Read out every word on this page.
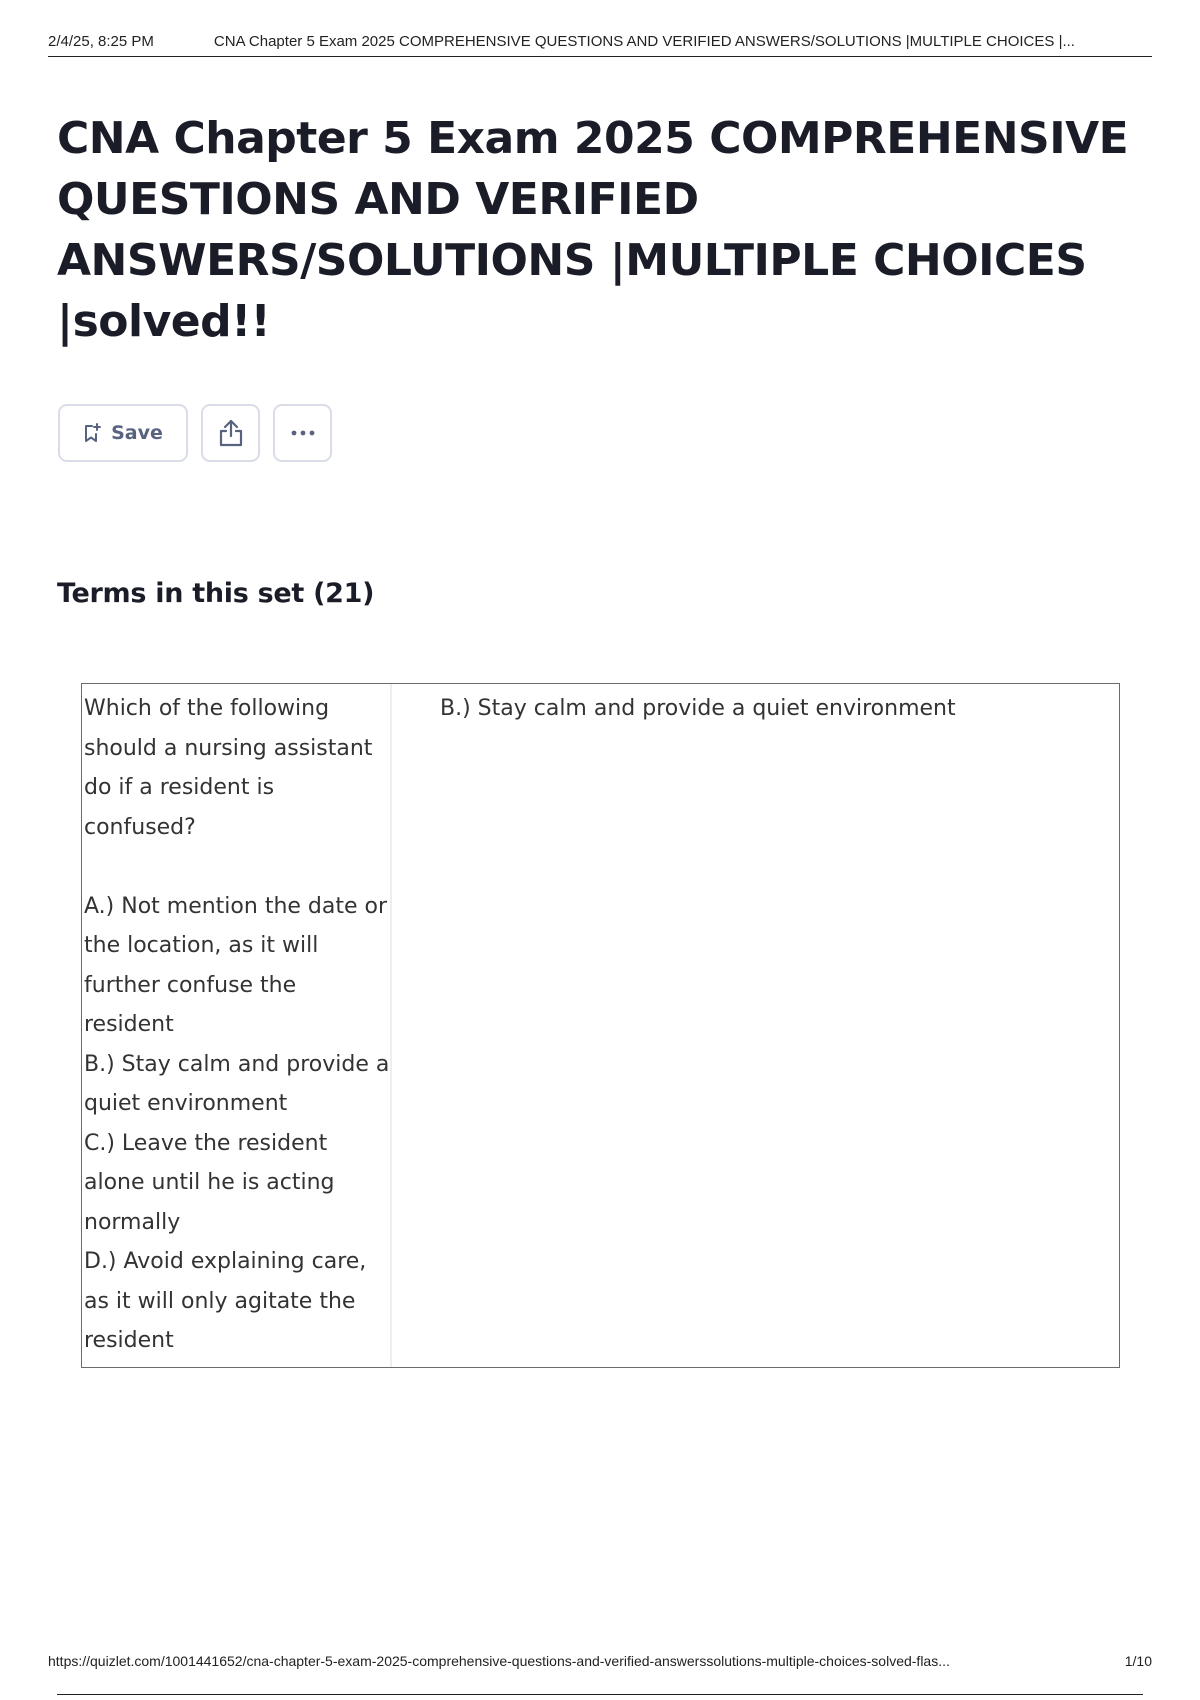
2/4/25, 8:25 PM	CNA Chapter 5 Exam 2025 COMPREHENSIVE QUESTIONS AND VERIFIED ANSWERS/SOLUTIONS |MULTIPLE CHOICES |...
CNA Chapter 5 Exam 2025 COMPREHENSIVE QUESTIONS AND VERIFIED ANSWERS/SOLUTIONS |MULTIPLE CHOICES |solved!!
Save
Terms in this set (21)
Which of the following should a nursing assistant do if a resident is confused?

A.) Not mention the date or the location, as it will further confuse the resident
B.) Stay calm and provide a quiet environment
C.) Leave the resident alone until he is acting normally
D.) Avoid explaining care, as it will only agitate the resident
B.) Stay calm and provide a quiet environment
https://quizlet.com/1001441652/cna-chapter-5-exam-2025-comprehensive-questions-and-verified-answerssolutions-multiple-choices-solved-flas...	1/10
